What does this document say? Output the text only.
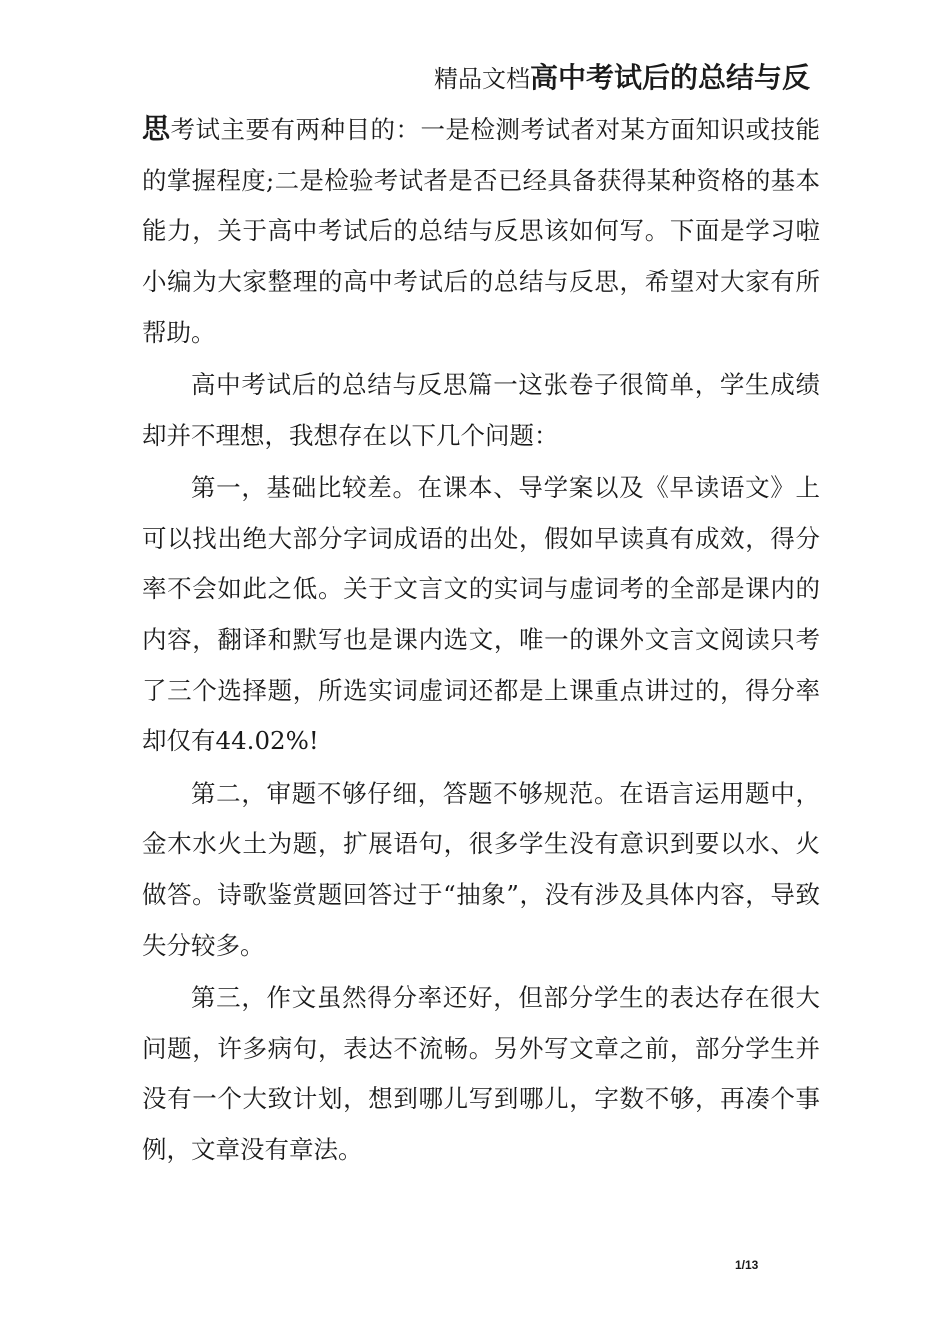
精品文档高中考试后的总结与反

思考试主要有两种目的：一是检测考试者对某方面知识或技能的掌握程度;二是检验考试者是否已经具备获得某种资格的基本能力，关于高中考试后的总结与反思该如何写。下面是学习啦小编为大家整理的高中考试后的总结与反思，希望对大家有所帮助。

高中考试后的总结与反思篇一这张卷子很简单，学生成绩却并不理想，我想存在以下几个问题：

第一，基础比较差。在课本、导学案以及《早读语文》上可以找出绝大部分字词成语的出处，假如早读真有成效，得分率不会如此之低。关于文言文的实词与虚词考的全部是课内的内容，翻译和默写也是课内选文，唯一的课外文言文阅读只考了三个选择题，所选实词虚词还都是上课重点讲过的，得分率却仅有44.02%!

第二，审题不够仔细，答题不够规范。在语言运用题中，金木水火土为题，扩展语句，很多学生没有意识到要以水、火做答。诗歌鉴赏题回答过于“抽象”，没有涉及具体内容，导致失分较多。

第三，作文虽然得分率还好，但部分学生的表达存在很大问题，许多病句，表达不流畅。另外写文章之前，部分学生并没有一个大致计划，想到哪儿写到哪儿，字数不够，再凑个事例，文章没有章法。

1/13
